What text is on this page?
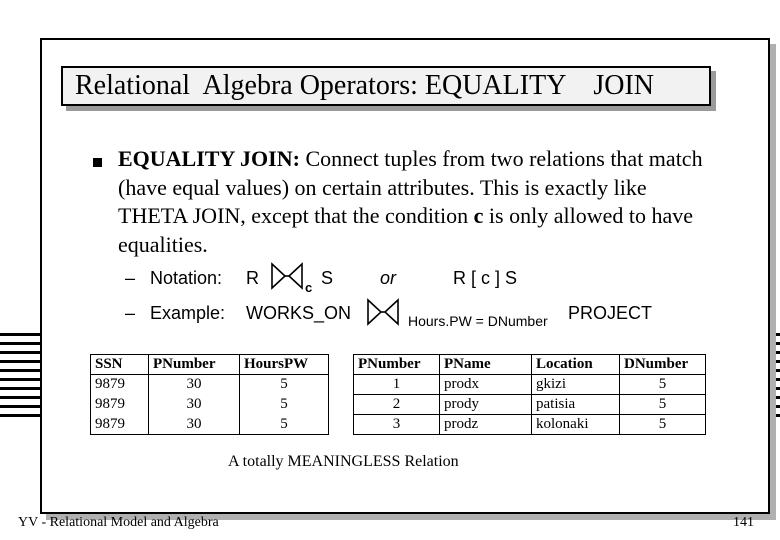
Relational  Algebra Operators: EQUALITY    JOIN
EQUALITY JOIN: Connect tuples from two relations that match (have equal values) on certain attributes. This is exactly like THETA JOIN, except that the condition c is only allowed to have equalities.
– Notation: R	c S	or	R [ c ] S
– Example: WORKS_ON	Hours.PW = DNumber PROJECT
SSN	PNumber	HoursPW
9879	30	5
9879	30	5
9879	30	5
PNumber	PName	Location	DNumber
1	prodx	gkizi	5
2	prody	patisia	5
3	prodz	kolonaki	5
A totally MEANINGLESS Relation
YV - Relational Model and Algebra	141
